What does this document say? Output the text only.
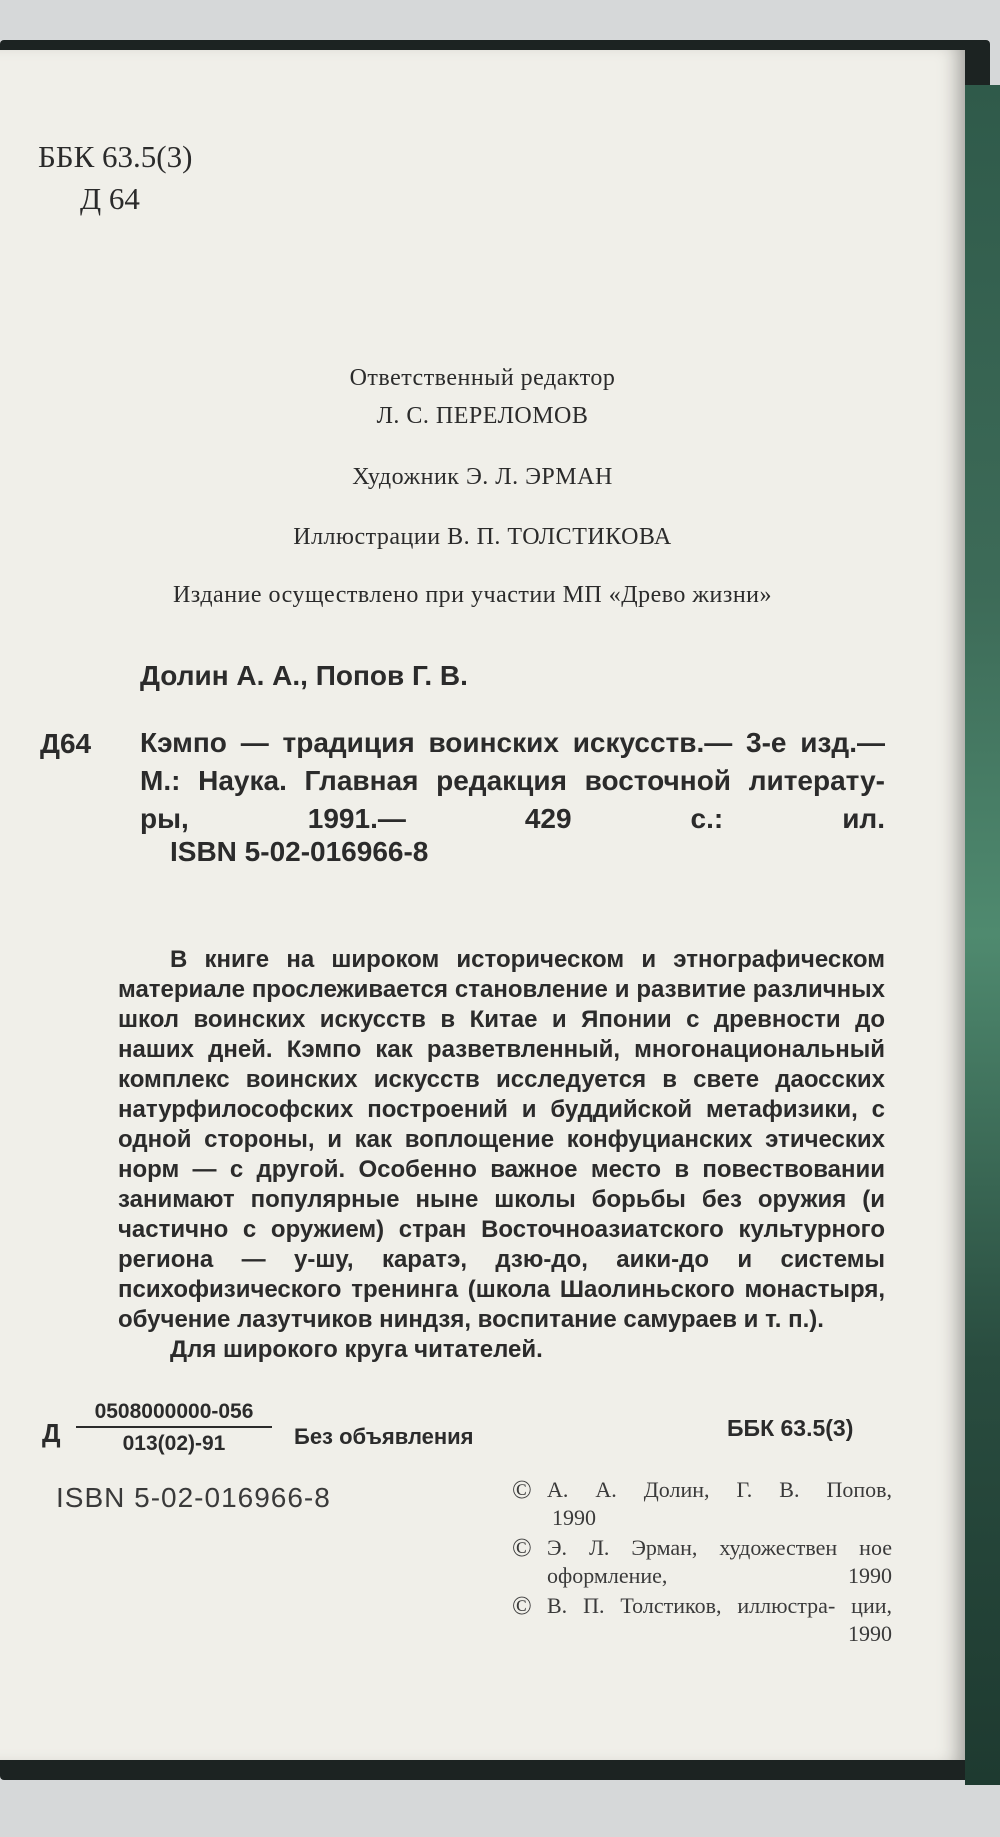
ББК 63.5(3)
Д 64
Ответственный редактор
Л. С. ПЕРЕЛОМОВ
Художник Э. Л. ЭРМАН
Иллюстрации В. П. ТОЛСТИКОВА
Издание осуществлено при участии МП «Древо жизни»
Долин А. А., Попов Г. В.
Д64 Кэмпо — традиция воинских искусств.— 3-е изд.—
М.: Наука. Главная редакция восточной литерату-
ры, 1991.— 429 с.: ил.
ISBN 5-02-016966-8

В книге на широком историческом и этнографическом материале прослеживается становление и развитие различных школ воинских искусств в Китае и Японии с древности до наших дней. Кэмпо как разветвленный, многонациональный комплекс воинских искусств исследуется в свете даосских натурфилософских построений и буддийской метафизики, с одной стороны, и как воплощение конфуцианских этических норм — с другой. Особенно важное место в повествовании занимают популярные ныне школы борьбы без оружия (и частично с оружием) стран Восточноазиатского культурного региона — у-шу, каратэ, дзю-до, аики-до и системы психофизического тренинга (школа Шаолиньского монастыря, обучение лазутчиков ниндзя, воспитание самураев и т. п.).

Для широкого круга читателей.

Д $\frac{0508000000-056}{013(02)-91}$ Без объявления	ББК 63.5(3)
ISBN 5-02-016966-8	© А. А. Долин, Г. В. Попов,
1990
© Э. Л. Эрман, художествен ное оформление,	1990
© В. П. Толстиков, иллюстра- ции,
1990
